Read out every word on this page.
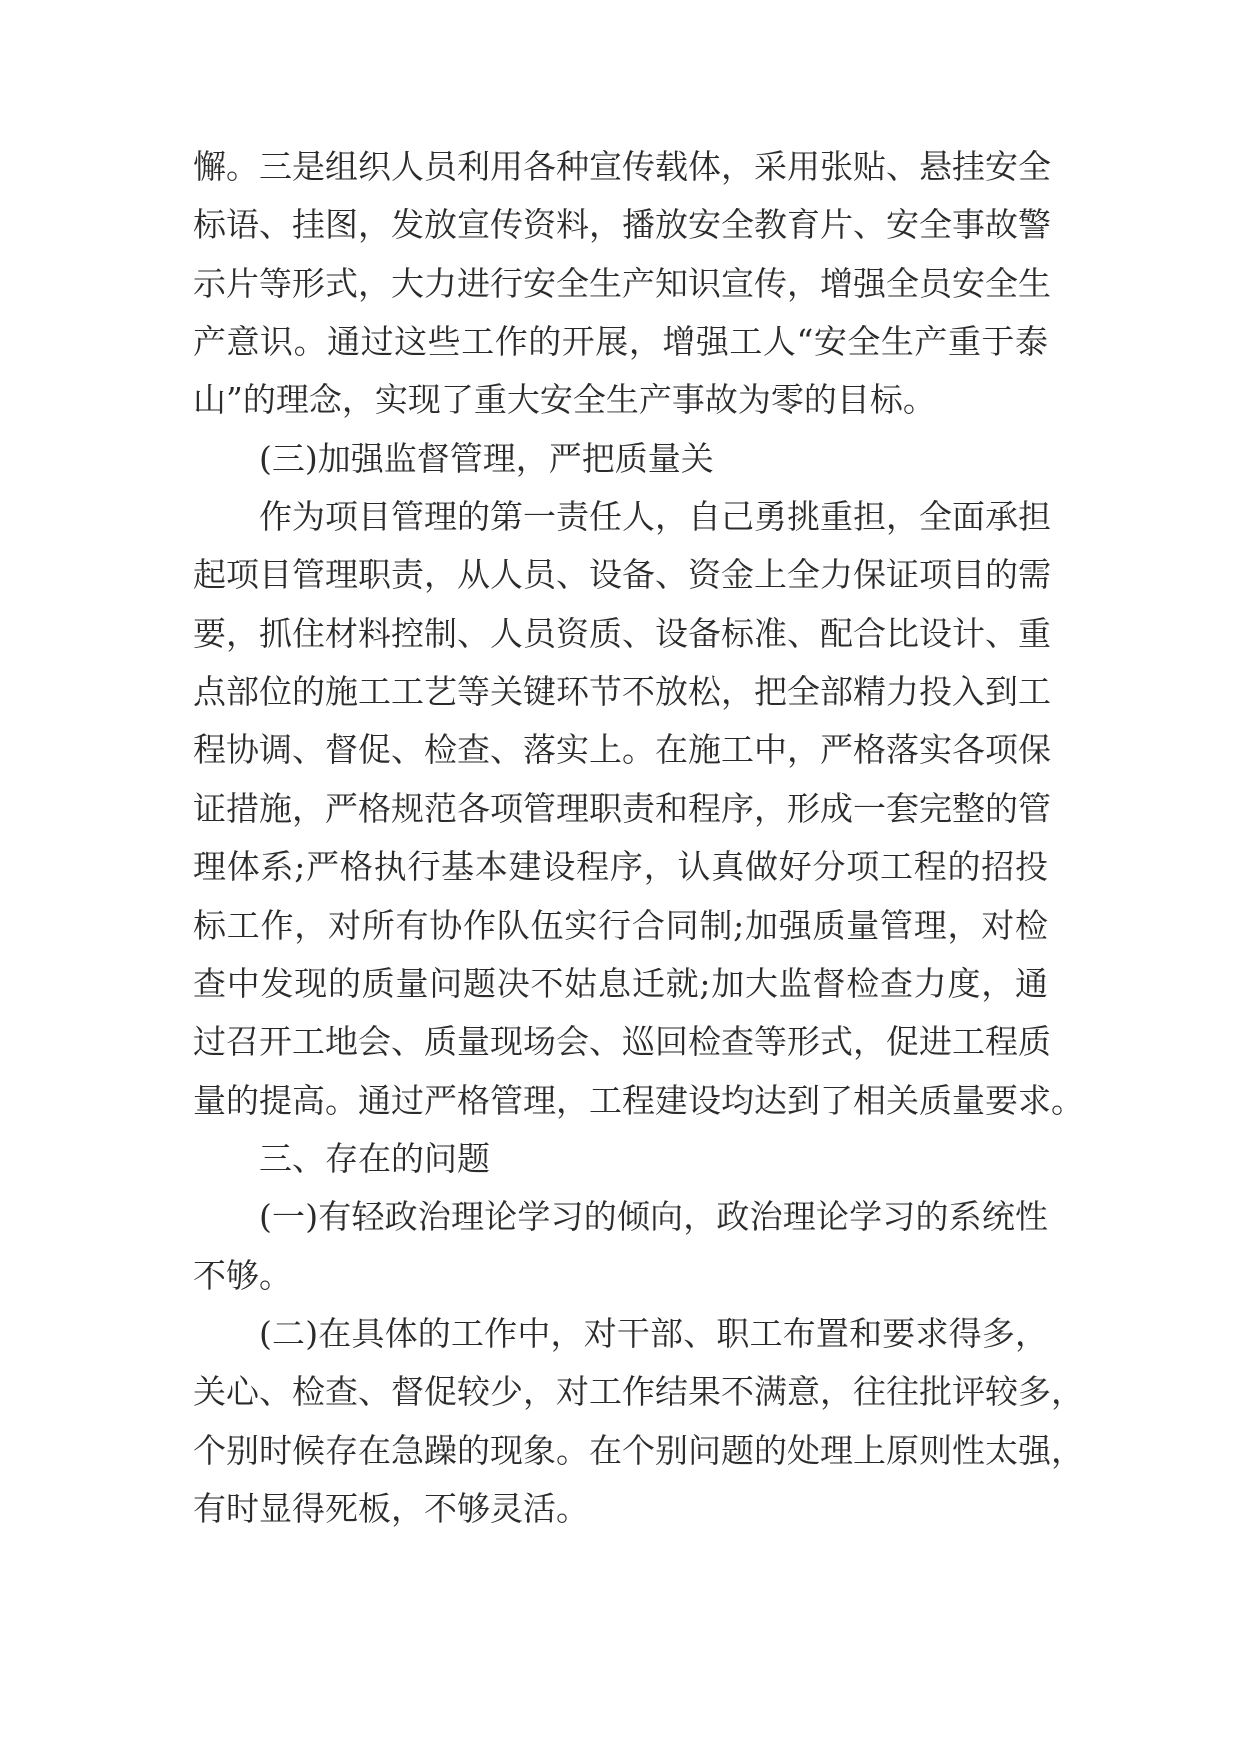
懈。三是组织人员利用各种宣传载体，采用张贴、悬挂安全

标语、挂图，发放宣传资料，播放安全教育片、安全事故警

示片等形式，大力进行安全生产知识宣传，增强全员安全生

产意识。通过这些工作的开展，增强工人“安全生产重于泰

山”的理念，实现了重大安全生产事故为零的目标。

(三)加强监督管理，严把质量关

作为项目管理的第一责任人，自己勇挑重担，全面承担

起项目管理职责，从人员、设备、资金上全力保证项目的需

要，抓住材料控制、人员资质、设备标准、配合比设计、重

点部位的施工工艺等关键环节不放松，把全部精力投入到工

程协调、督促、检查、落实上。在施工中，严格落实各项保

证措施，严格规范各项管理职责和程序，形成一套完整的管

理体系;严格执行基本建设程序，认真做好分项工程的招投

标工作，对所有协作队伍实行合同制;加强质量管理，对检

查中发现的质量问题决不姑息迁就;加大监督检查力度，通

过召开工地会、质量现场会、巡回检查等形式，促进工程质

量的提高。通过严格管理，工程建设均达到了相关质量要求。

三、存在的问题

(一)有轻政治理论学习的倾向，政治理论学习的系统性

不够。

(二)在具体的工作中，对干部、职工布置和要求得多，

关心、检查、督促较少，对工作结果不满意，往往批评较多，

个别时候存在急躁的现象。在个别问题的处理上原则性太强，

有时显得死板，不够灵活。
